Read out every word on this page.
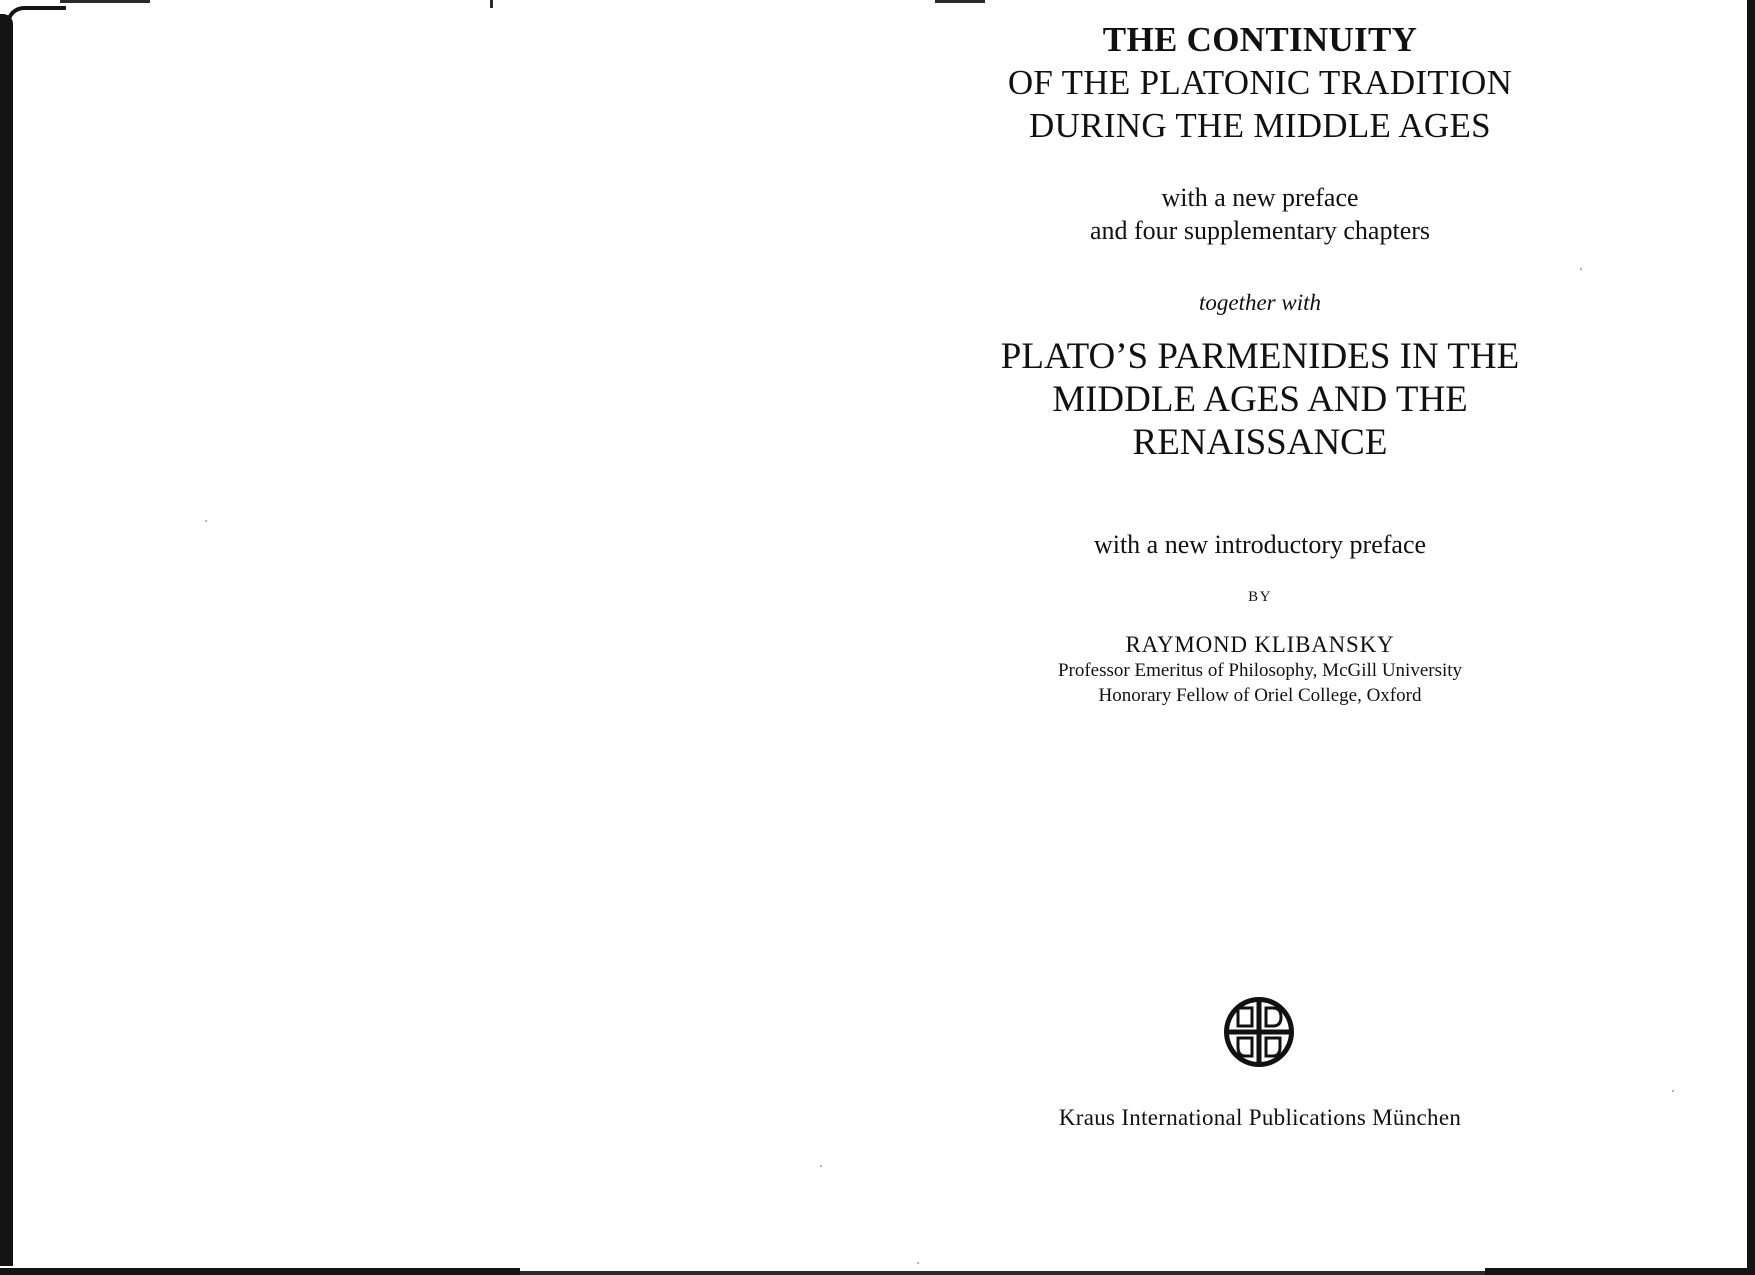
THE CONTINUITY
OF THE PLATONIC TRADITION
DURING THE MIDDLE AGES
with a new preface
and four supplementary chapters
together with
PLATO’S PARMENIDES IN THE
MIDDLE AGES AND THE
RENAISSANCE
with a new introductory preface
BY
RAYMOND KLIBANSKY
Professor Emeritus of Philosophy, McGill University
Honorary Fellow of Oriel College, Oxford
Kraus International Publications München
